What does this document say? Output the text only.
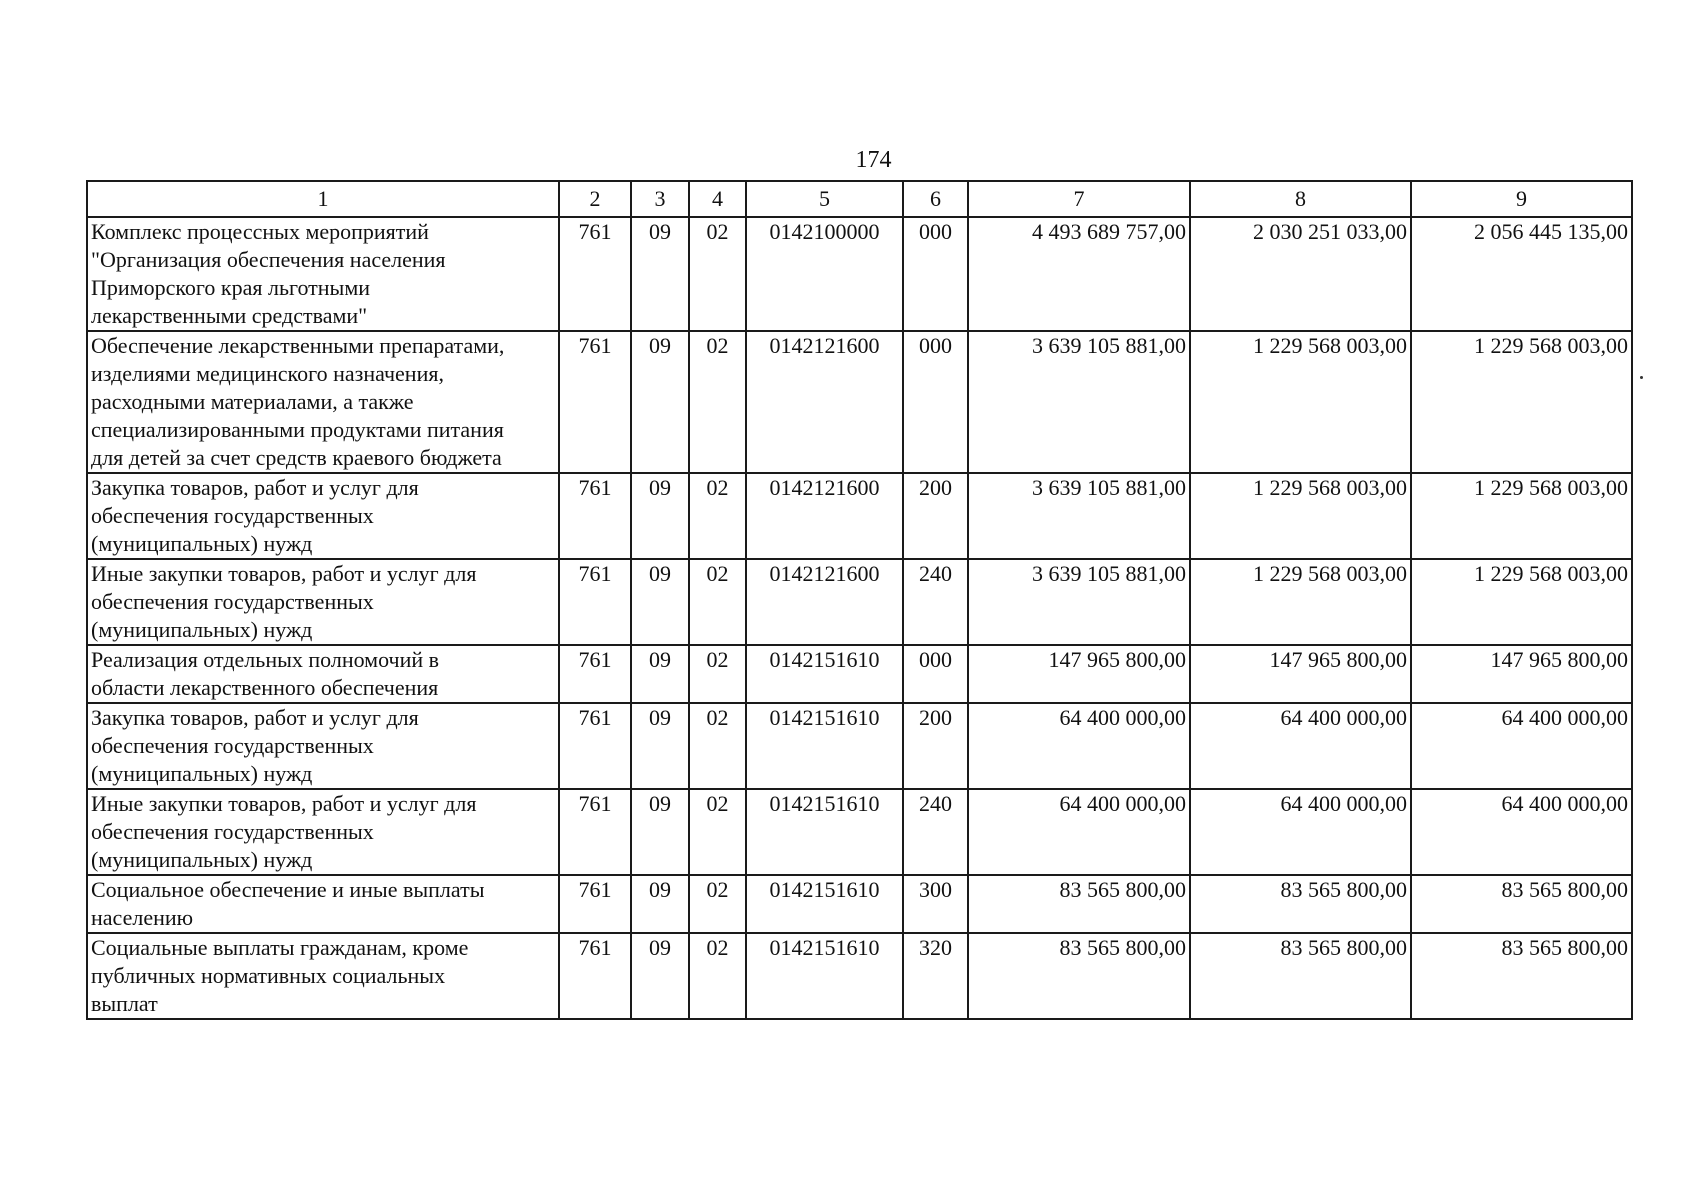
174
1	2	3	4	5	6	7	8	9
Комплекс процессных мероприятий
"Организация обеспечения населения
Приморского края льготными
лекарственными средствами"	761	09	02	0142100000	000	4 493 689 757,00	2 030 251 033,00	2 056 445 135,00
Обеспечение лекарственными препаратами,
изделиями медицинского назначения,
расходными материалами, а также
специализированными продуктами питания
для детей за счет средств краевого бюджета	761	09	02	0142121600	000	3 639 105 881,00	1 229 568 003,00	1 229 568 003,00
Закупка товаров, работ и услуг для
обеспечения государственных
(муниципальных) нужд	761	09	02	0142121600	200	3 639 105 881,00	1 229 568 003,00	1 229 568 003,00
Иные закупки товаров, работ и услуг для
обеспечения государственных
(муниципальных) нужд	761	09	02	0142121600	240	3 639 105 881,00	1 229 568 003,00	1 229 568 003,00
Реализация отдельных полномочий в
области лекарственного обеспечения	761	09	02	0142151610	000	147 965 800,00	147 965 800,00	147 965 800,00
Закупка товаров, работ и услуг для
обеспечения государственных
(муниципальных) нужд	761	09	02	0142151610	200	64 400 000,00	64 400 000,00	64 400 000,00
Иные закупки товаров, работ и услуг для
обеспечения государственных
(муниципальных) нужд	761	09	02	0142151610	240	64 400 000,00	64 400 000,00	64 400 000,00
Социальное обеспечение и иные выплаты
населению	761	09	02	0142151610	300	83 565 800,00	83 565 800,00	83 565 800,00
Социальные выплаты гражданам, кроме
публичных нормативных социальных
выплат	761	09	02	0142151610	320	83 565 800,00	83 565 800,00	83 565 800,00
